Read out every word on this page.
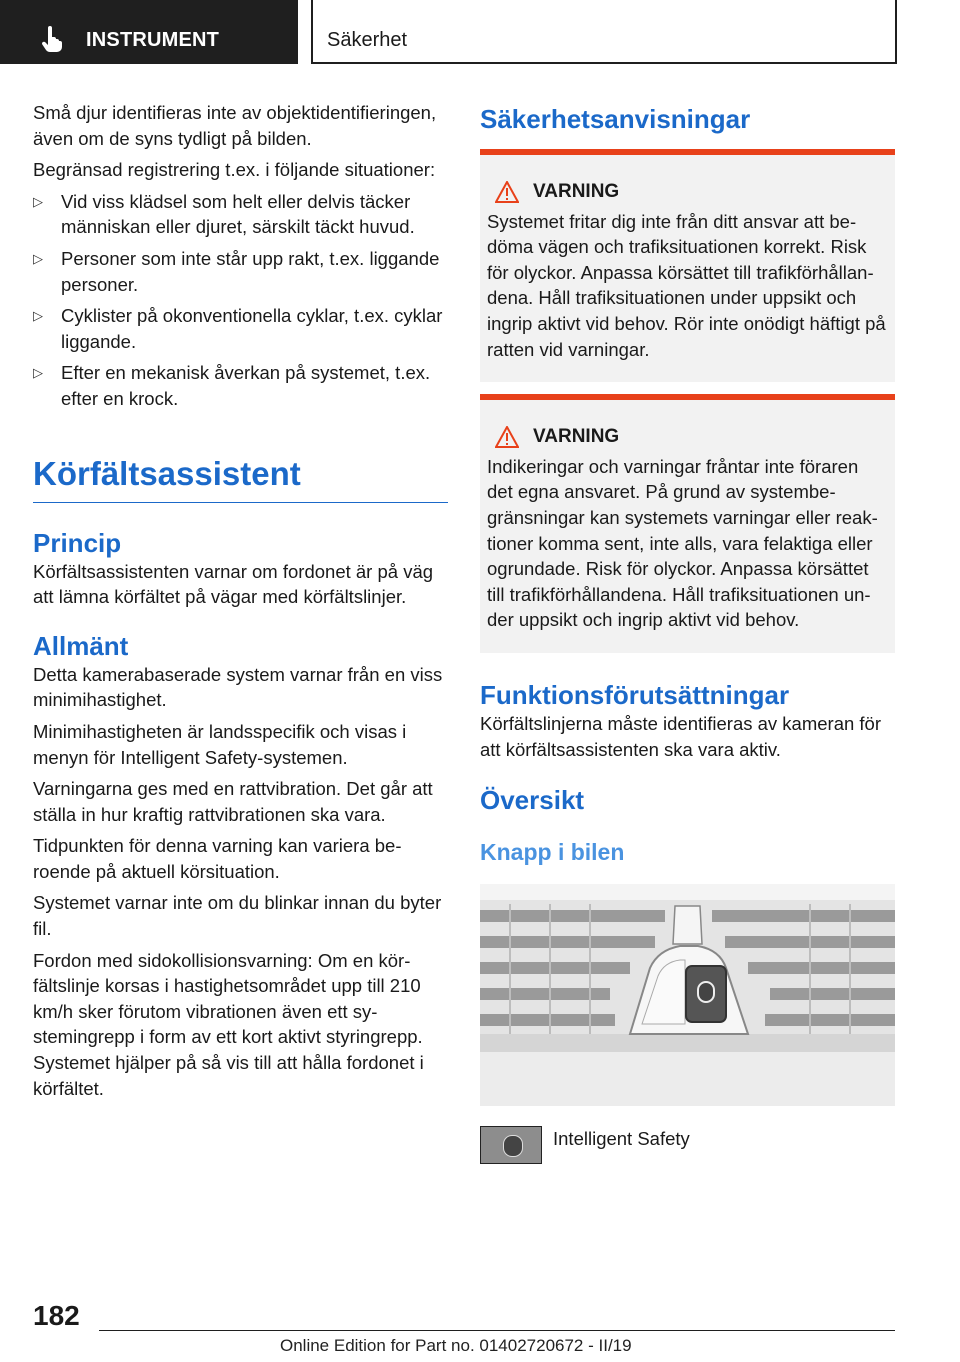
INSTRUMENT	Säkerhet

Små djur identifieras inte av objektidentifieringen, även om de syns tydligt på bilden.

Begränsad registrering t.ex. i följande situationer:

▷ Vid viss klädsel som helt eller delvis täcker människan eller djuret, särskilt täckt huvud.
▷ Personer som inte står upp rakt, t.ex. liggande personer.
▷ Cyklister på okonventionella cyklar, t.ex. cyklar liggande.
▷ Efter en mekanisk åverkan på systemet, t.ex. efter en krock.
Körfältsassistent
Princip

Körfältsassistenten varnar om fordonet är på väg att lämna körfältet på vägar med körfältslinjer.

Allmänt

Detta kamerabaserade system varnar från en viss minimihastighet.

Minimihastigheten är landsspecifik och visas i menyn för Intelligent Safety-systemen.

Varningarna ges med en rattvibration. Det går att ställa in hur kraftig rattvibrationen ska vara.

Tidpunkten för denna varning kan variera beroende på aktuell körsituation.

Systemet varnar inte om du blinkar innan du byter fil.

Fordon med sidokollisionsvarning: Om en körfältslinje korsas i hastighetsområdet upp till 210 km/h sker förutom vibrationen även ett systemingrepp i form av ett kort aktivt styringrepp. Systemet hjälper på så vis till att hålla fordonet i körfältet.

Säkerhetsanvisningar
VARNING
Systemet fritar dig inte från ditt ansvar att bedöma vägen och trafiksituationen korrekt. Risk för olyckor. Anpassa körsättet till trafikförhållandena. Håll trafiksituationen under uppsikt och ingrip aktivt vid behov. Rör inte onödigt häftigt på ratten vid varningar.
VARNING
Indikeringar och varningar fråntar inte föraren det egna ansvaret. På grund av systembegränsningar kan systemets varningar eller reaktioner komma sent, inte alls, vara felaktiga eller ogrundade. Risk för olyckor. Anpassa körsättet till trafikförhållandena. Håll trafiksituationen under uppsikt och ingrip aktivt vid behov.
Funktionsförutsättningar

Körfältslinjerna måste identifieras av kameran för att körfältsassistenten ska vara aktiv.

Översikt
Knapp i bilen
Intelligent Safety
182
Online Edition for Part no. 01402720672 - II/19
